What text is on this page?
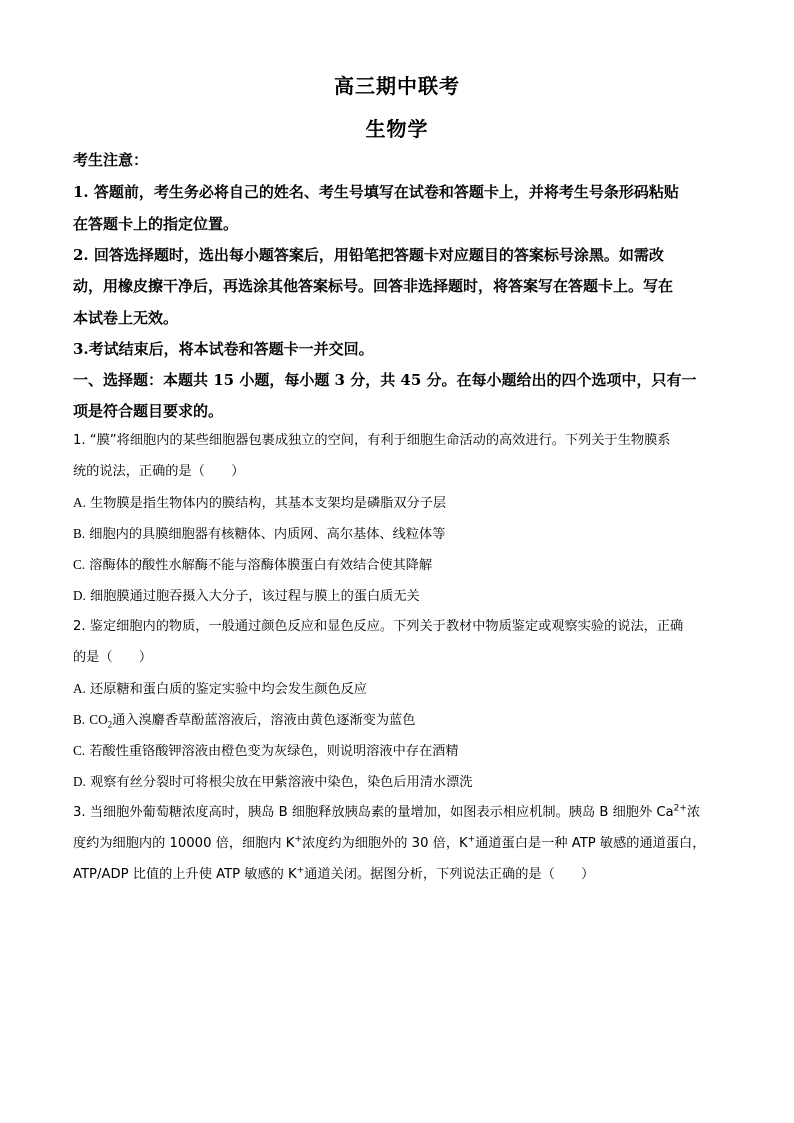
高三期中联考
生物学
考生注意：
1. 答题前，考生务必将自己的姓名、考生号填写在试卷和答题卡上，并将考生号条形码粘贴
在答题卡上的指定位置。
2. 回答选择题时，选出每小题答案后，用铅笔把答题卡对应题目的答案标号涂黑。如需改
动，用橡皮擦干净后，再选涂其他答案标号。回答非选择题时，将答案写在答题卡上。写在
本试卷上无效。
3.考试结束后，将本试卷和答题卡一并交回。
一、选择题：本题共 15 小题，每小题 3 分，共 45 分。在每小题给出的四个选项中，只有一
项是符合题目要求的。
1. “膜”将细胞内的某些细胞器包裹成独立的空间，有利于细胞生命活动的高效进行。下列关于生物膜系
统的说法，正确的是（　　）
A. 生物膜是指生物体内的膜结构，其基本支架均是磷脂双分子层
B. 细胞内的具膜细胞器有核糖体、内质网、高尔基体、线粒体等
C. 溶酶体的酸性水解酶不能与溶酶体膜蛋白有效结合使其降解
D. 细胞膜通过胞吞摄入大分子，该过程与膜上的蛋白质无关
2. 鉴定细胞内的物质，一般通过颜色反应和显色反应。下列关于教材中物质鉴定或观察实验的说法，正确
的是（　　）
A. 还原糖和蛋白质的鉴定实验中均会发生颜色反应
B. $CO_2$通入溴麝香草酚蓝溶液后，溶液由黄色逐渐变为蓝色
C. 若酸性重铬酸钾溶液由橙色变为灰绿色，则说明溶液中存在酒精
D. 观察有丝分裂时可将根尖放在甲紫溶液中染色，染色后用清水漂洗
3. 当细胞外葡萄糖浓度高时，胰岛 B 细胞释放胰岛素的量增加，如图表示相应机制。胰岛 B 细胞外 $Ca^{2+}$浓
度约为细胞内的 10000 倍，细胞内 K+浓度约为细胞外的 30 倍，K+通道蛋白是一种 ATP 敏感的通道蛋白，
ATP/ADP 比值的上升使 ATP 敏感的 K+通道关闭。据图分析，下列说法正确的是（　　）
